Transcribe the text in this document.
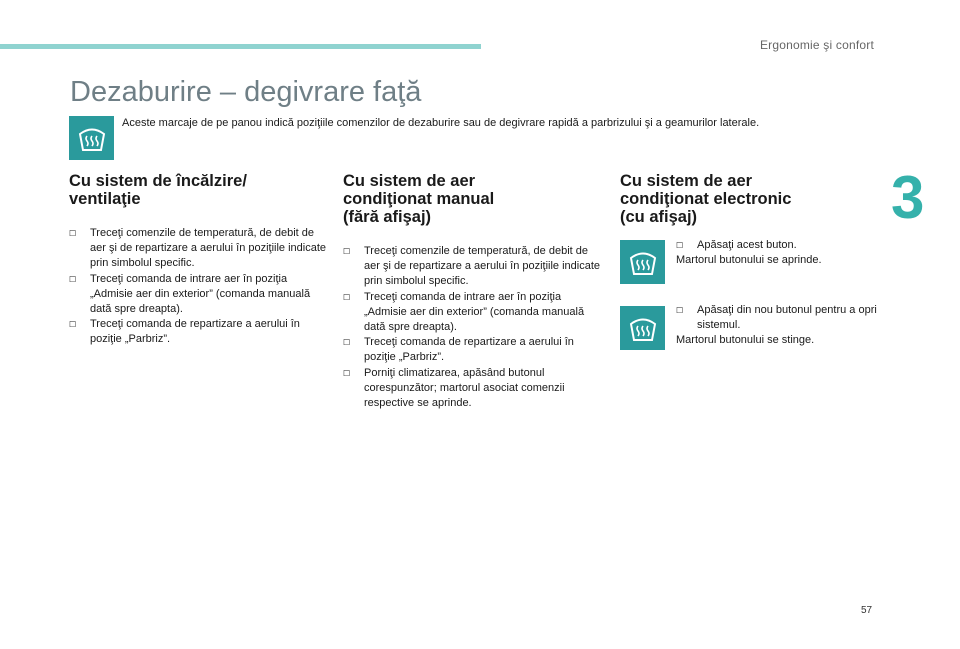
Ergonomie şi confort
3
Dezaburire – degivrare faţă

Aceste marcaje de pe panou indică poziţiile comenzilor de dezaburire sau de degivrare rapidă a parbrizului şi a geamurilor laterale.

Cu sistem de încălzire/
ventilaţie
☐ Treceţi comenzile de temperatură, de debit de aer şi de repartizare a aerului în poziţiile indicate prin simbolul specific.
☐ Treceţi comanda de intrare aer în poziţia „Admisie aer din exterior” (comanda manuală dată spre dreapta).
☐ Treceţi comanda de repartizare a aerului în poziţie „Parbriz”.
Cu sistem de aer
condiţionat manual
(fără afişaj)
☐ Treceţi comenzile de temperatură, de debit de aer şi de repartizare a aerului în poziţiile indicate prin simbolul specific.
☐ Treceţi comanda de intrare aer în poziţia „Admisie aer din exterior” (comanda manuală dată spre dreapta).
☐ Treceţi comanda de repartizare a aerului în poziţie „Parbriz”.
☐ Porniţi climatizarea, apăsând butonul corespunzător; martorul asociat comenzii respective se aprinde.
Cu sistem de aer
condiţionat electronic
(cu afişaj)
☐ Apăsaţi acest buton.

Martorul butonului se aprinde.

☐ Apăsaţi din nou butonul pentru a opri sistemul.

Martorul butonului se stinge.

57
